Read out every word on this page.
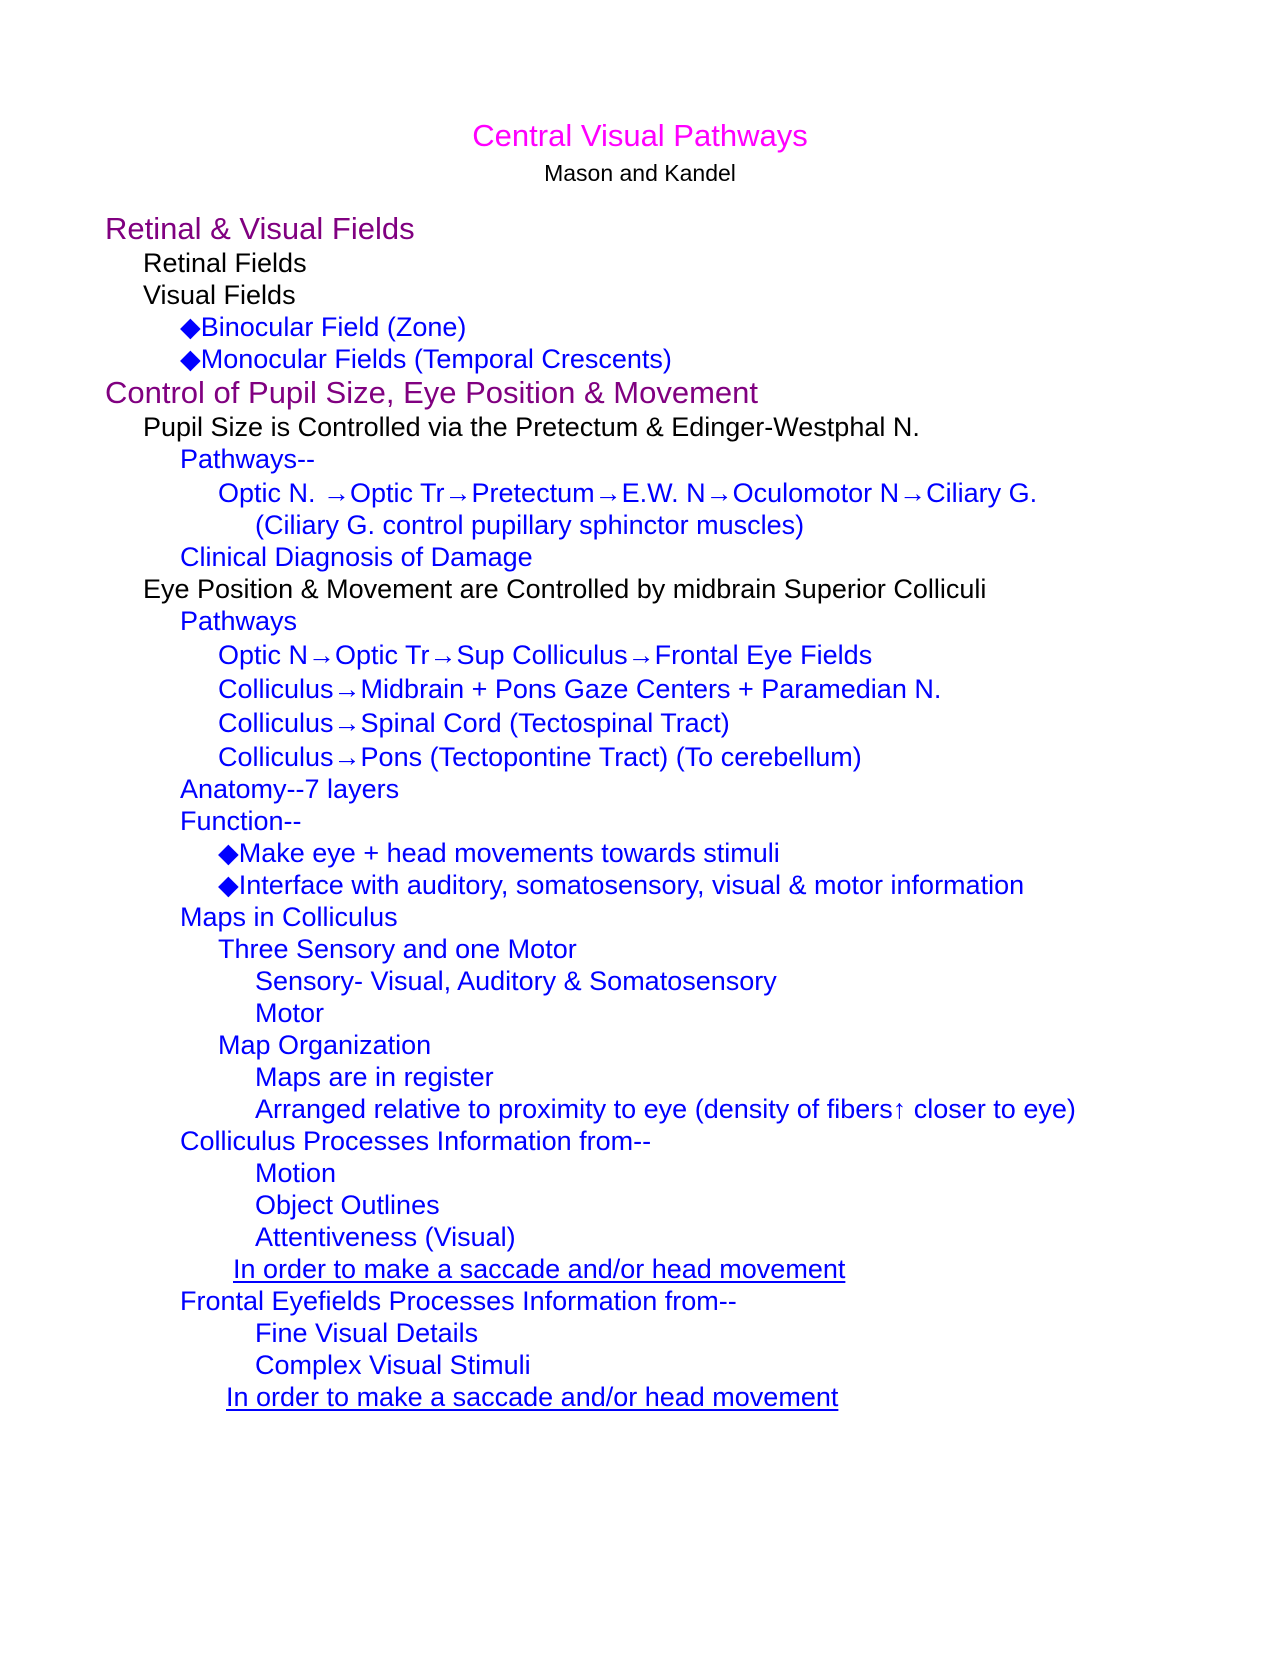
Central Visual Pathways
Mason and Kandel
Retinal & Visual Fields
Retinal Fields
Visual Fields
◆Binocular Field (Zone)
◆Monocular Fields (Temporal Crescents)
Control of Pupil Size, Eye Position & Movement
Pupil Size is Controlled via the Pretectum & Edinger-Westphal N.
Pathways--
Optic N. →Optic Tr→Pretectum→E.W. N→Oculomotor N→Ciliary G.
(Ciliary G. control pupillary sphinctor muscles)
Clinical Diagnosis of Damage
Eye Position & Movement are Controlled by midbrain Superior Colliculi
Pathways
Optic N→Optic Tr→Sup Colliculus→Frontal Eye Fields
Colliculus→Midbrain + Pons Gaze Centers + Paramedian N.
Colliculus→Spinal Cord (Tectospinal Tract)
Colliculus→Pons (Tectopontine Tract) (To cerebellum)
Anatomy--7 layers
Function--
◆Make eye + head movements towards stimuli
◆Interface with auditory, somatosensory, visual & motor information
Maps in Colliculus
Three Sensory and one Motor
Sensory- Visual, Auditory & Somatosensory
Motor
Map Organization
Maps are in register
Arranged relative to proximity to eye (density of fibers↑ closer to eye)
Colliculus Processes Information from--
Motion
Object Outlines
Attentiveness (Visual)
In order to make a saccade and/or head movement
Frontal Eyefields Processes Information from--
Fine Visual Details
Complex Visual Stimuli
In order to make a saccade and/or head movement
